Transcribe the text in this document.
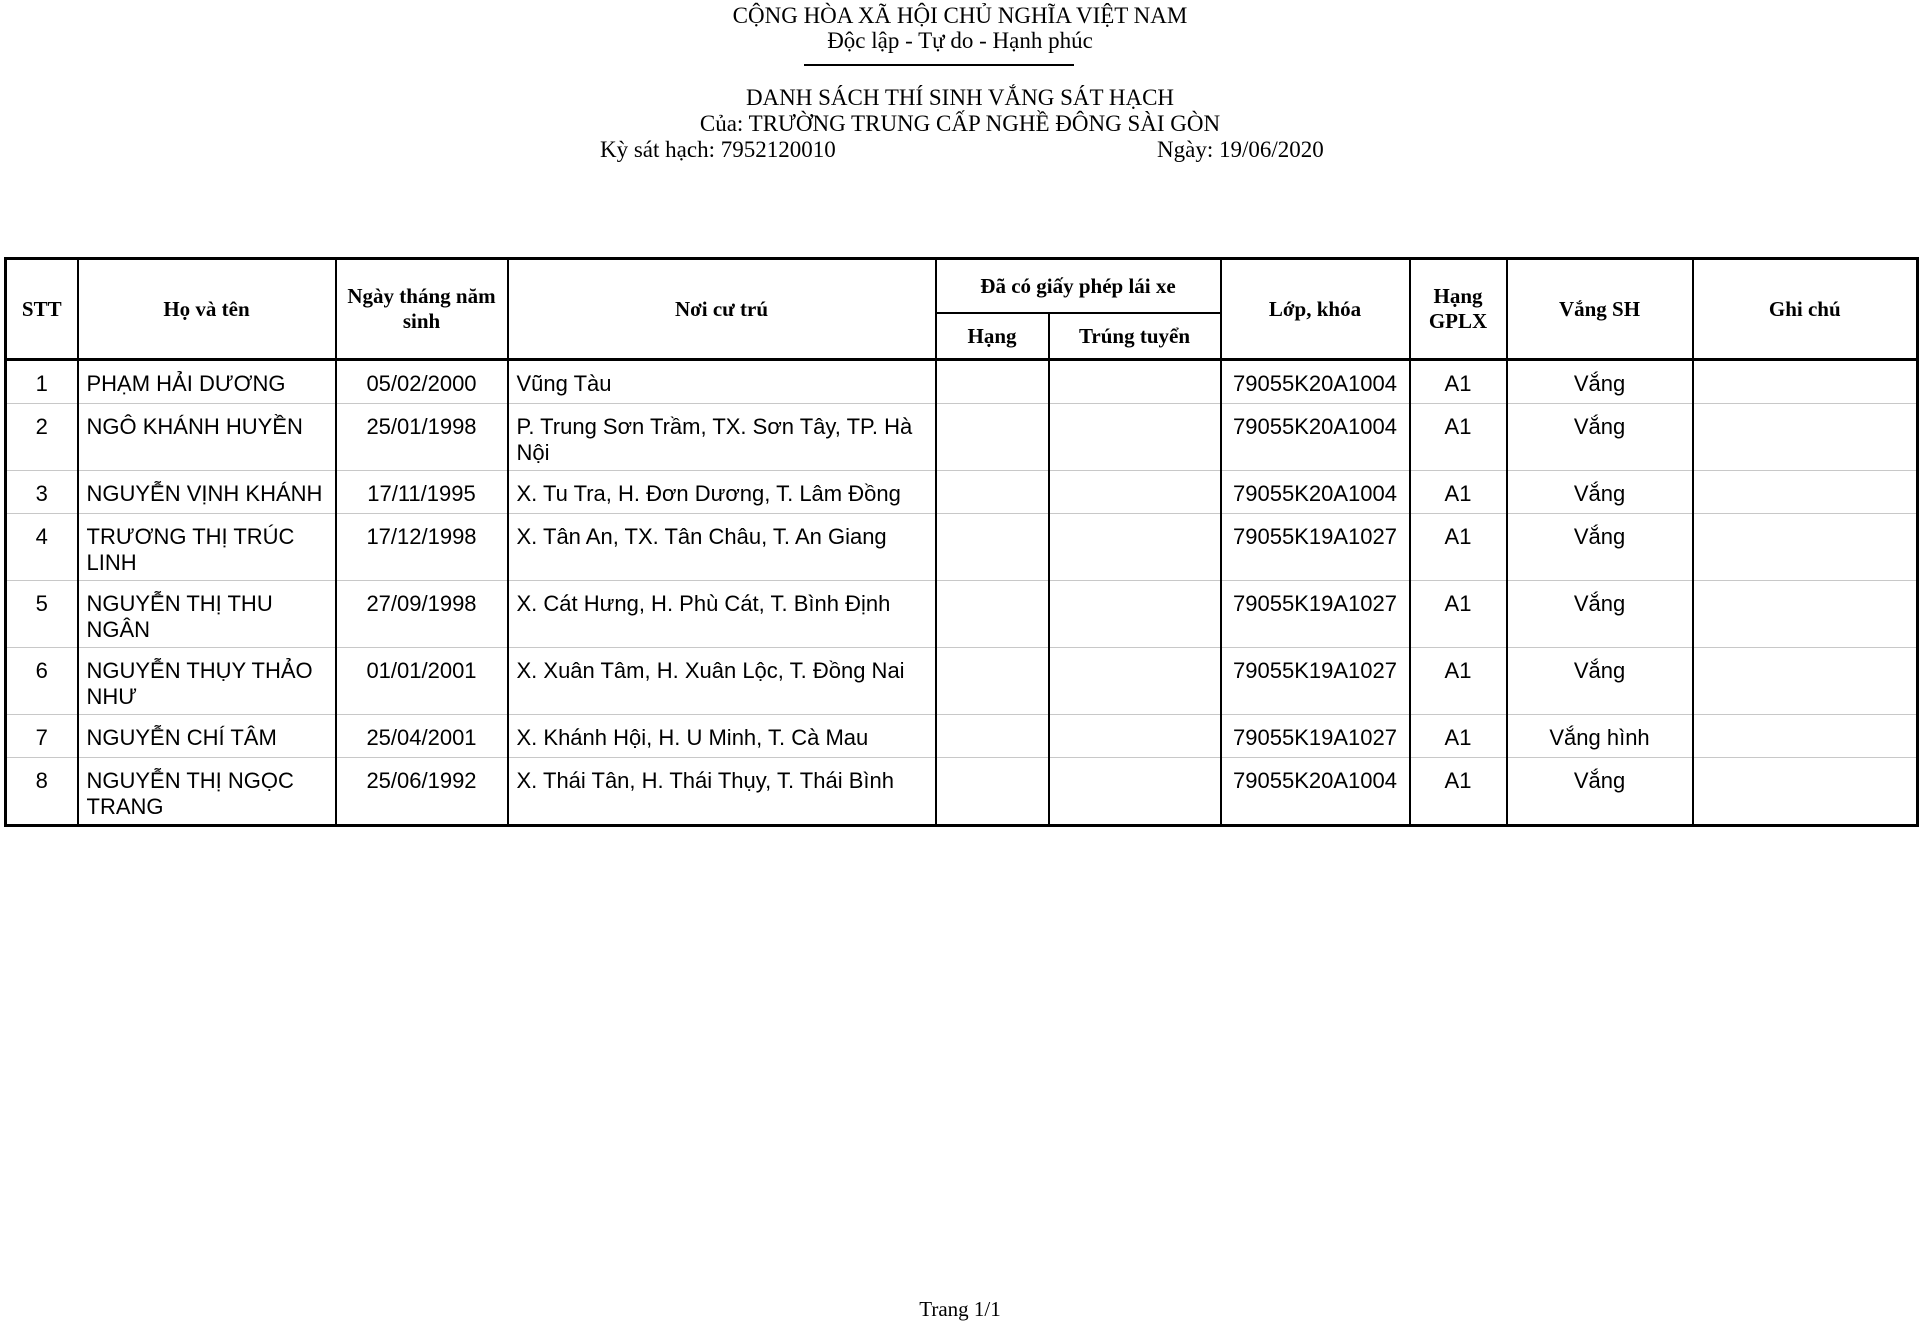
CỘNG HÒA XÃ HỘI CHỦ NGHĨA VIỆT NAM
Độc lập - Tự do - Hạnh phúc
DANH SÁCH THÍ SINH VẮNG SÁT HẠCH
Của: TRƯỜNG TRUNG CẤP NGHỀ ĐÔNG SÀI GÒN
Kỳ sát hạch: 7952120010	Ngày: 19/06/2020
STT	Họ và tên	Ngày tháng năm sinh	Nơi cư trú	Đã có giấy phép lái xe		Lớp, khóa	Hạng GPLX	Vắng SH	Ghi chú
				Hạng	Trúng tuyển				
1	PHẠM HẢI DƯƠNG	05/02/2000	Vũng Tàu			79055K20A1004	A1	Vắng	
2	NGÔ KHÁNH HUYỀN	25/01/1998	P. Trung Sơn Trầm, TX. Sơn Tây, TP. Hà Nội			79055K20A1004	A1	Vắng	
3	NGUYỄN VỊNH KHÁNH	17/11/1995	X. Tu Tra, H. Đơn Dương, T. Lâm Đồng			79055K20A1004	A1	Vắng	
4	TRƯƠNG THỊ TRÚC LINH	17/12/1998	X. Tân An, TX. Tân Châu, T. An Giang			79055K19A1027	A1	Vắng	
5	NGUYỄN THỊ THU NGÂN	27/09/1998	X. Cát Hưng, H. Phù Cát, T. Bình Định			79055K19A1027	A1	Vắng	
6	NGUYỄN THỤY THẢO NHƯ	01/01/2001	X. Xuân Tâm, H. Xuân Lộc, T. Đồng Nai			79055K19A1027	A1	Vắng	
7	NGUYỄN CHÍ TÂM	25/04/2001	X. Khánh Hội, H. U Minh, T. Cà Mau			79055K19A1027	A1	Vắng hình	
8	NGUYỄN THỊ NGỌC TRANG	25/06/1992	X. Thái Tân, H. Thái Thụy, T. Thái Bình			79055K20A1004	A1	Vắng	
Trang 1/1
